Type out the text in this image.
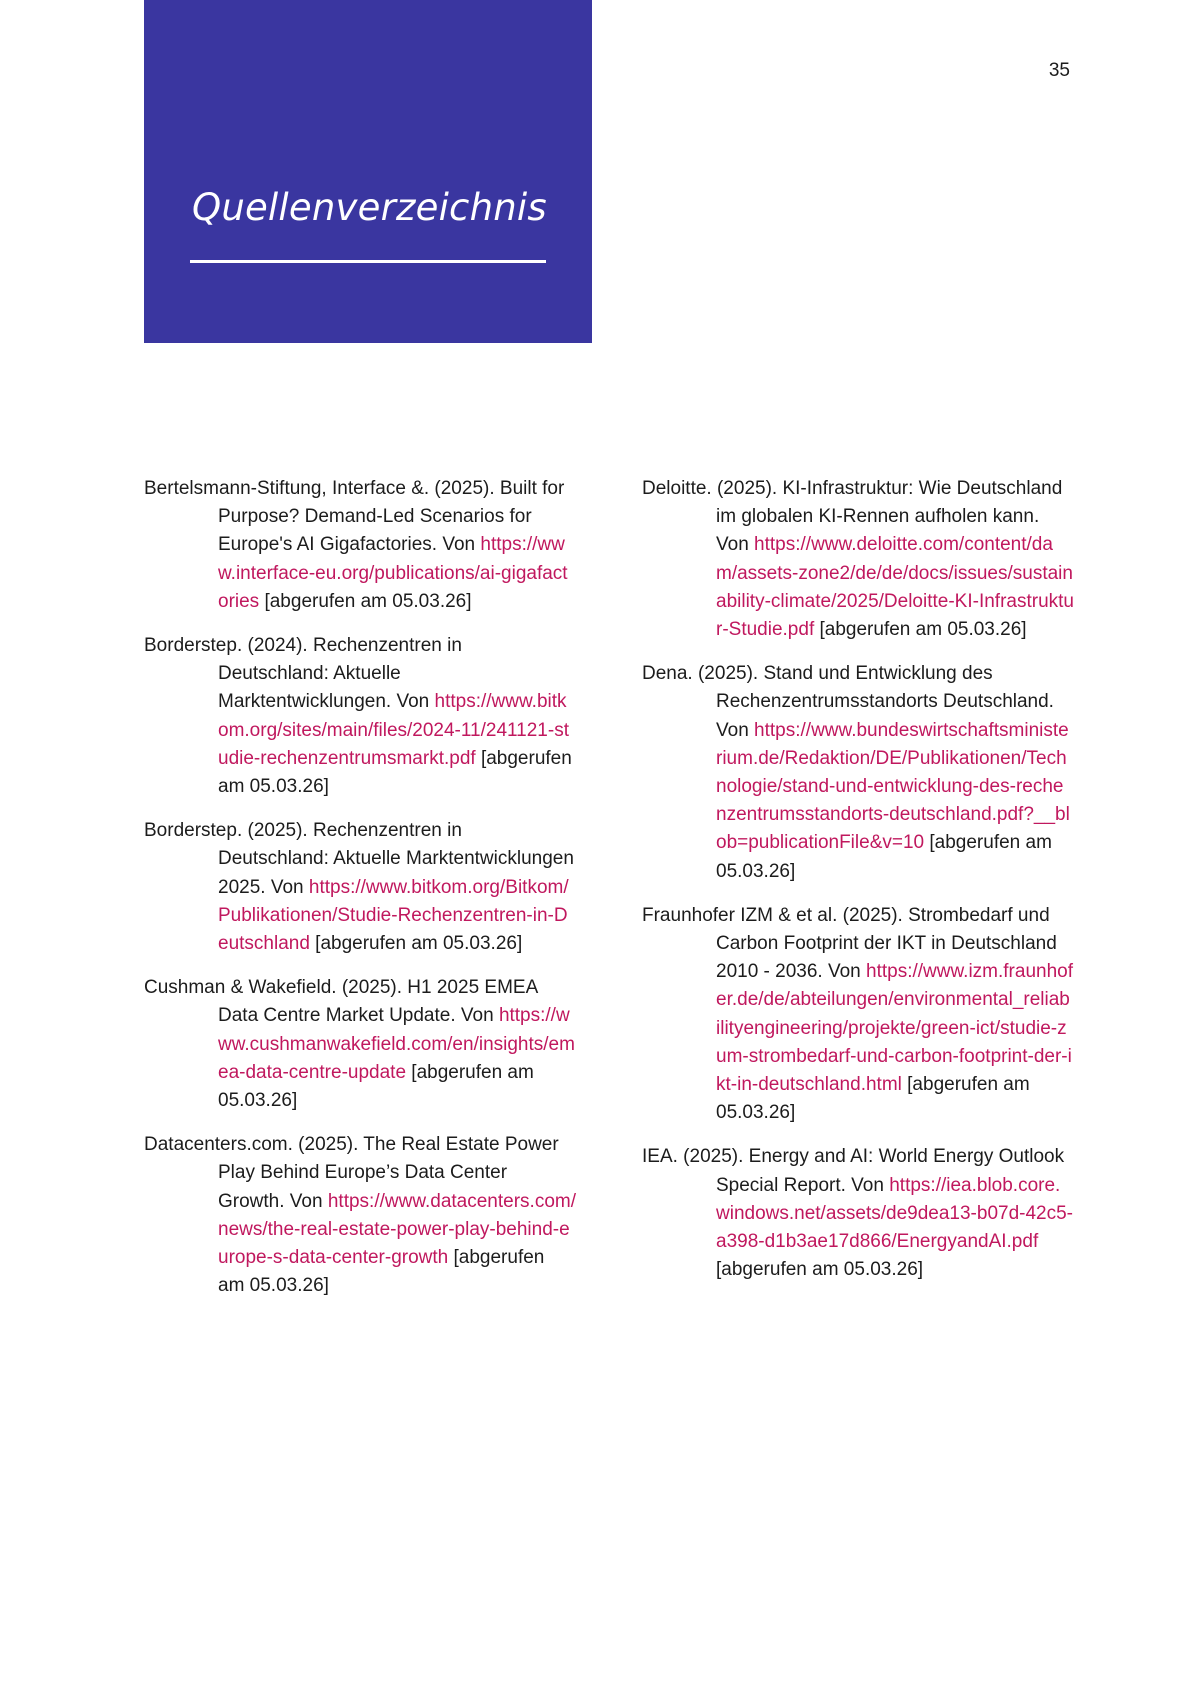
Quellenverzeichnis
35

Bertelsmann-Stiftung, Interface &. (2025). Built for Purpose? Demand-Led Scenarios for Europe's AI Gigafactories. Von https://www.interface-eu.org/publications/ai-gigafactories [abgerufen am 05.03.26]

Borderstep. (2024). Rechenzentren in Deutschland: Aktuelle Marktentwicklungen. Von https://www.bitkom.org/sites/main/files/2024-11/241121-studie-rechenzentrumsmarkt.pdf [abgerufen am 05.03.26]

Borderstep. (2025). Rechenzentren in Deutschland: Aktuelle Marktentwicklungen 2025. Von https://www.bitkom.org/Bitkom/Publikationen/Studie-Rechenzentren-in-Deutschland [abgerufen am 05.03.26]

Cushman & Wakefield. (2025). H1 2025 EMEA Data Centre Market Update. Von https://www.cushmanwakefield.com/en/insights/emea-data-centre-update [abgerufen am 05.03.26]

Datacenters.com. (2025). The Real Estate Power Play Behind Europe’s Data Center Growth. Von https://www.datacenters.com/news/the-real-estate-power-play-behind-europe-s-data-center-growth [abgerufen am 05.03.26]

Deloitte. (2025). KI-Infrastruktur: Wie Deutschland im globalen KI-Rennen aufholen kann. Von https://www.deloitte.com/content/dam/assets-zone2/de/de/docs/issues/sustainability-climate/2025/Deloitte-KI-Infrastruktur-Studie.pdf [abgerufen am 05.03.26]

Dena. (2025). Stand und Entwicklung des Rechenzentrumsstandorts Deutschland. Von https://www.bundeswirtschaftsministerium.de/Redaktion/DE/Publikationen/Technologie/stand-und-entwicklung-des-rechenzentrumsstandorts-deutschland.pdf?__blob=publicationFile&v=10 [abgerufen am 05.03.26]

Fraunhofer IZM & et al. (2025). Strombedarf und Carbon Footprint der IKT in Deutschland 2010 - 2036. Von https://www.izm.fraunhofer.de/de/abteilungen/environmental_reliabilityengineering/projekte/green-ict/studie-zum-strombedarf-und-carbon-footprint-der-ikt-in-deutschland.html [abgerufen am 05.03.26]

IEA. (2025). Energy and AI: World Energy Outlook Special Report. Von https://iea.blob.core.windows.net/assets/de9dea13-b07d-42c5-a398-d1b3ae17d866/EnergyandAI.pdf [abgerufen am 05.03.26]
